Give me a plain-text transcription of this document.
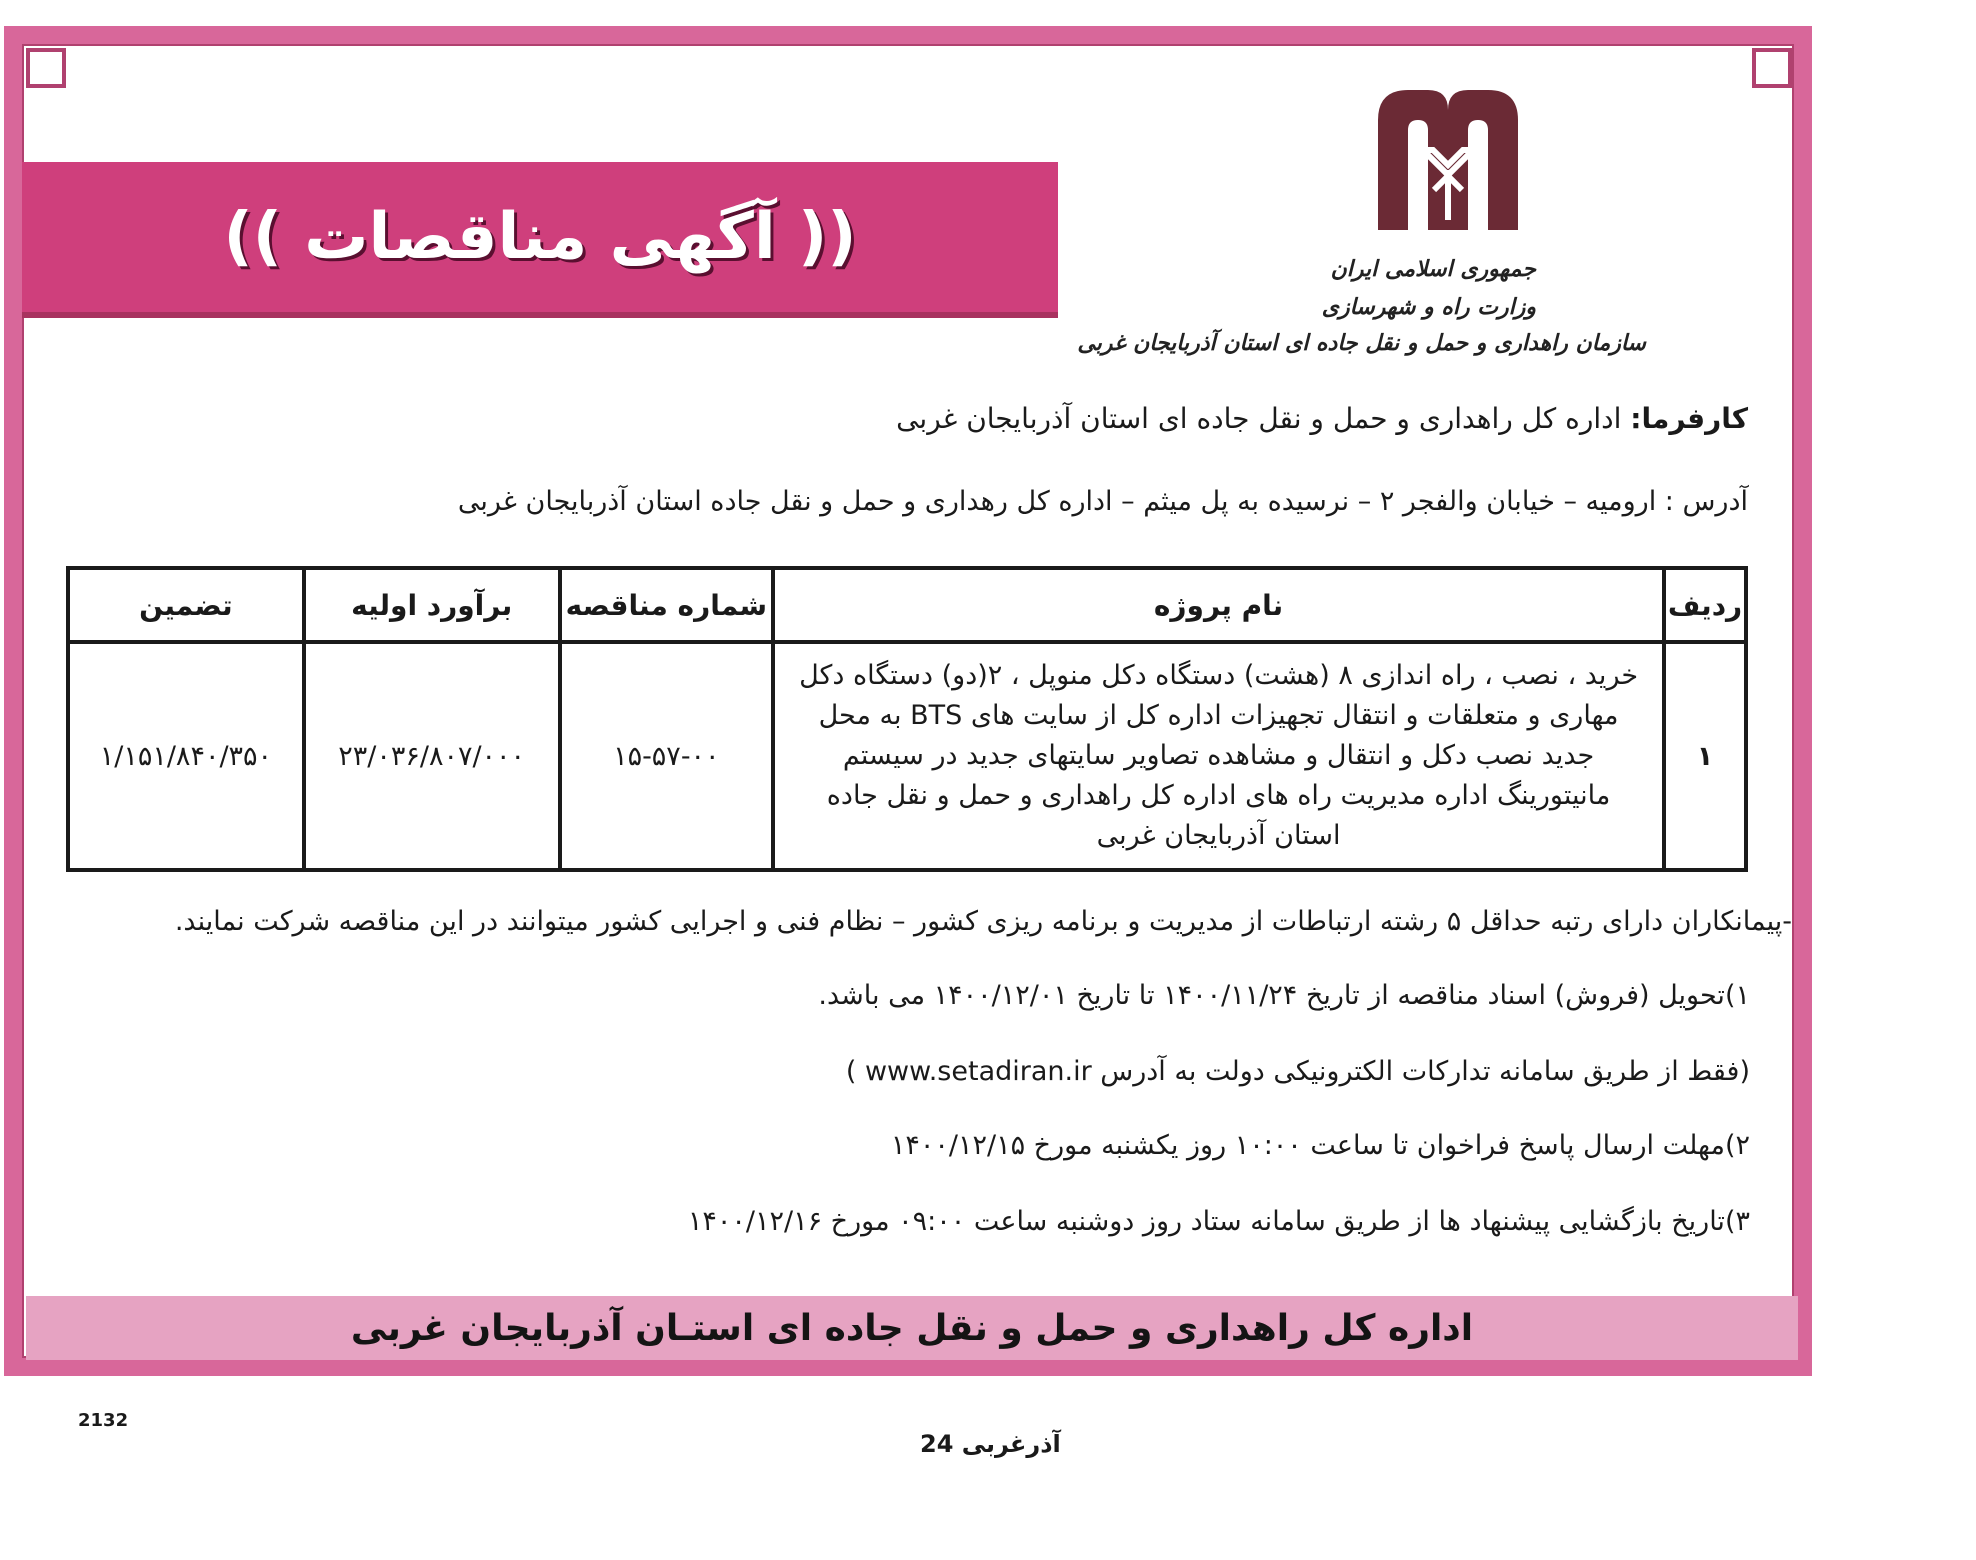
(( آگهی مناقصات ))	جمهوری اسلامی ایران
وزارت راه و شهرسازی
سازمان راهداری و حمل و نقل جاده ای استان آذربایجان غربی
کارفرما: اداره کل راهداری و حمل و نقل جاده ای استان آذربایجان غربی
آدرس : ارومیه – خیابان والفجر ۲ – نرسیده به پل میثم – اداره کل رهداری و حمل و نقل جاده استان آذربایجان غربی
ردیف	نام پروژه	شماره مناقصه	برآورد اولیه	تضمین
۱	خرید ، نصب ، راه اندازی ۸ (هشت) دستگاه دکل منوپل ، ۲(دو) دستگاه دکل مهاری و متعلقات و انتقال تجهیزات اداره کل از سایت های BTS به محل جدید نصب دکل و انتقال و مشاهده تصاویر سایتهای جدید در سیستم مانیتورینگ اداره مدیریت راه های اداره کل راهداری و حمل و نقل جاده استان آذربایجان غربی	۱۵-۵۷-۰۰	۲۳/۰۳۶/۸۰۷/۰۰۰	۱/۱۵۱/۸۴۰/۳۵۰
-پیمانکاران دارای رتبه حداقل ۵ رشته ارتباطات از مدیریت و برنامه ریزی کشور – نظام فنی و اجرایی کشور میتوانند در این مناقصه شرکت نمایند.
۱)تحویل (فروش) اسناد مناقصه از تاریخ ۱۴۰۰/۱۱/۲۴ تا تاریخ ۱۴۰۰/۱۲/۰۱ می باشد.
(فقط از طریق سامانه تدارکات الکترونیکی دولت به آدرس www.setadiran.ir )
۲)مهلت ارسال پاسخ فراخوان تا ساعت ۱۰:۰۰ روز یکشنبه مورخ ۱۴۰۰/۱۲/۱۵
۳)تاریخ بازگشایی پیشنهاد ها از طریق سامانه ستاد روز دوشنبه ساعت ۰۹:۰۰ مورخ ۱۴۰۰/۱۲/۱۶
اداره کل راهداری و حمل و نقل جاده ای استـان آذربایجان غربی
2132
آذرغربی 24
